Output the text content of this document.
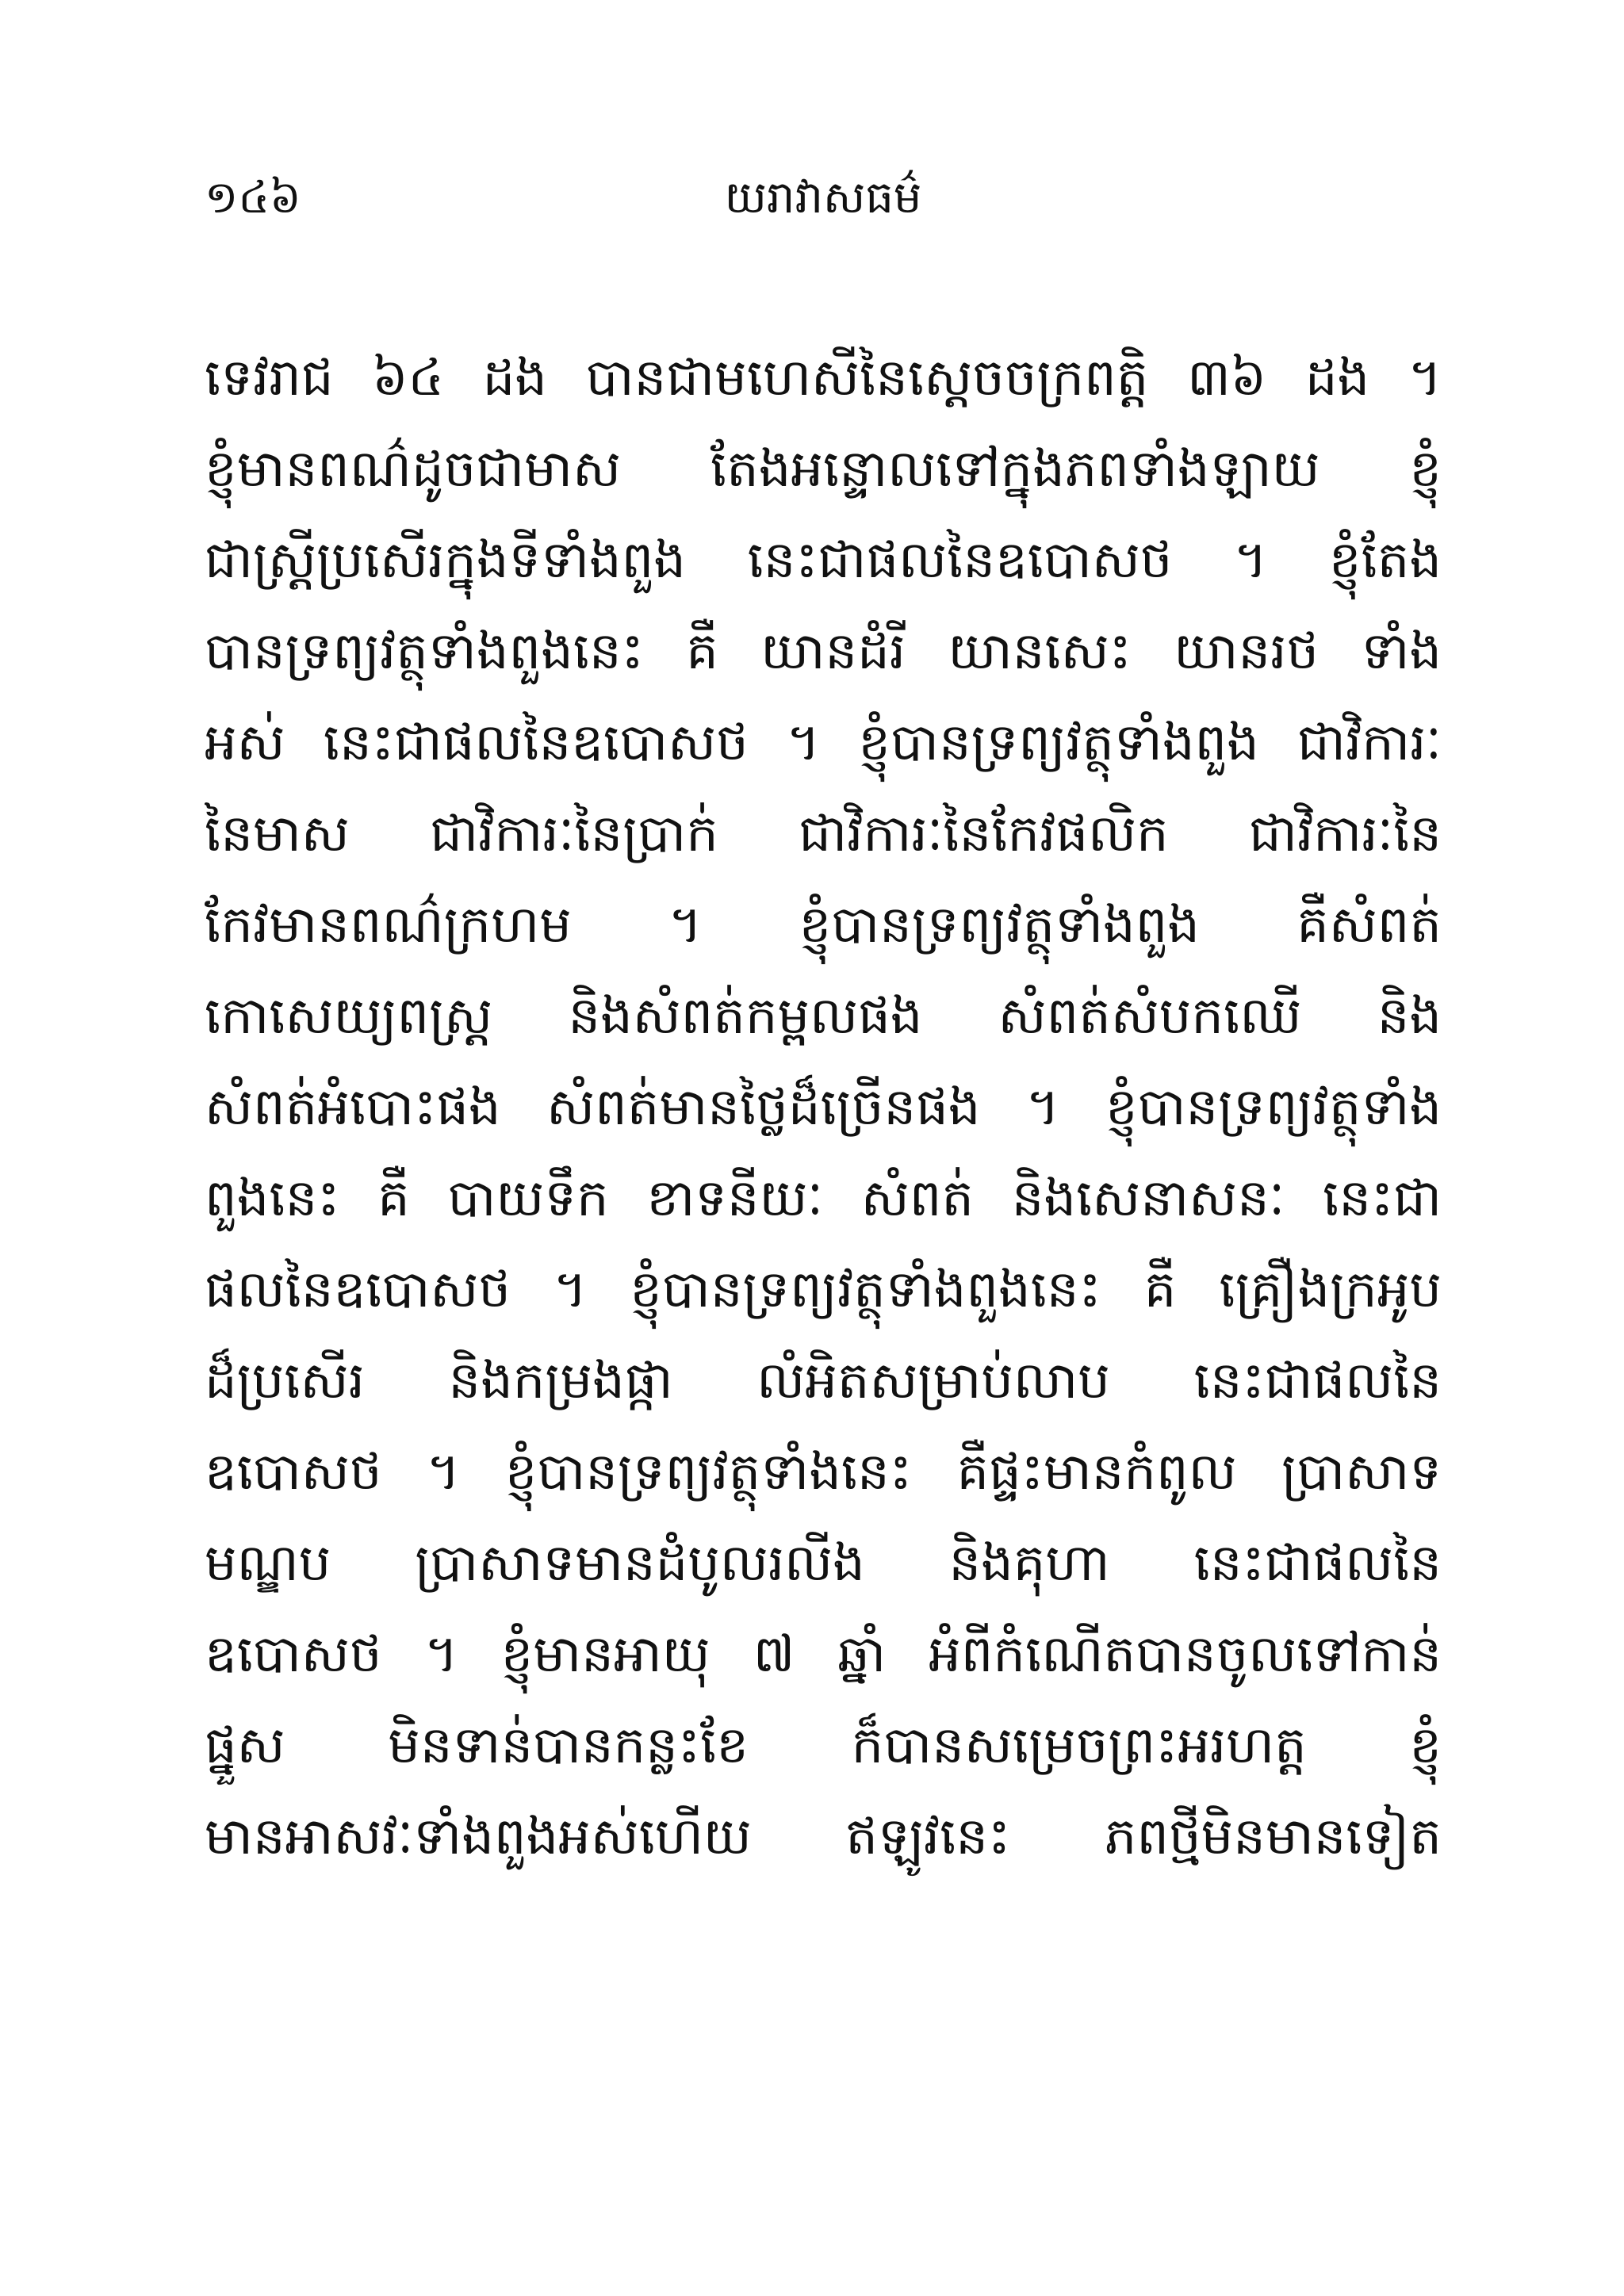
១៤៦	យរាវាសធម៌
ទេវរាជ ៦៤ ដង បានជាមហេសីនៃស្តេចចក្រពត្តិ ៣៦ ដង ។
ខ្ញុំមានពណ៌ដូចជាមាស តែងអន្ទោលទៅក្នុងភពទាំងឡាយ ខ្ញុំ
ជាស្ត្រីប្រសើរក្នុងទីទាំងពួង នេះជាផលនៃឧបោសថ ។ ខ្ញុំតែង
បានទ្រព្យវត្ថុទាំងពួងនេះ គឺ យានដំរី យានសេះ យានរថ ទាំង
អស់ នេះជាផលនៃឧបោសថ ។ ខ្ញុំបានទ្រព្យវត្ថុទាំងពួង ជាវិការៈ
នៃមាស ជាវិការៈនៃប្រាក់ ជាវិការៈនៃកែវផលិក ជាវិការៈនៃ
កែវមានពណ៌ក្រហម ។ ខ្ញុំបានទ្រព្យវត្ថុទាំងពួង គឺសំពត់
កោសេយ្យពស្ត្រ និងសំពត់កម្ពលផង សំពត់សំបកឈើ និង
សំពត់អំបោះផង សំពត់មានថ្លៃដ៏ច្រើនផង ។ ខ្ញុំបានទ្រព្យវត្ថុទាំង
ពួងនេះ គឺ បាយទឹក ខាទនីយៈ សំពត់ និងសេនាសនៈ នេះជា
ផលនៃឧបោសថ ។ ខ្ញុំបានទ្រព្យវត្ថុទាំងពួងនេះ គឺ គ្រឿងក្រអូប
ដ៏ប្រសើរ និងកម្រងផ្កា លំអិតសម្រាប់លាប នេះជាផលនៃ
ឧបោសថ ។ ខ្ញុំបានទ្រព្យវត្ថុទាំងនេះ គឺផ្ទះមានកំពូល ប្រាសាទ
មណ្ឌប ប្រាសាទមានដំបូលរលីង និងគុហា នេះជាផលនៃ
ឧបោសថ ។ ខ្ញុំមានអាយុ ៧ ឆ្នាំ អំពីកំណើតបានចូលទៅកាន់
ផ្នួស មិនទាន់បានកន្លះខែ ក៏បានសម្រេចព្រះអរហត្ត ខ្ញុំ
មានអាសវៈទាំងពួងអស់ហើយ ឥឡូវនេះ ភពថ្មីមិនមានទៀត
